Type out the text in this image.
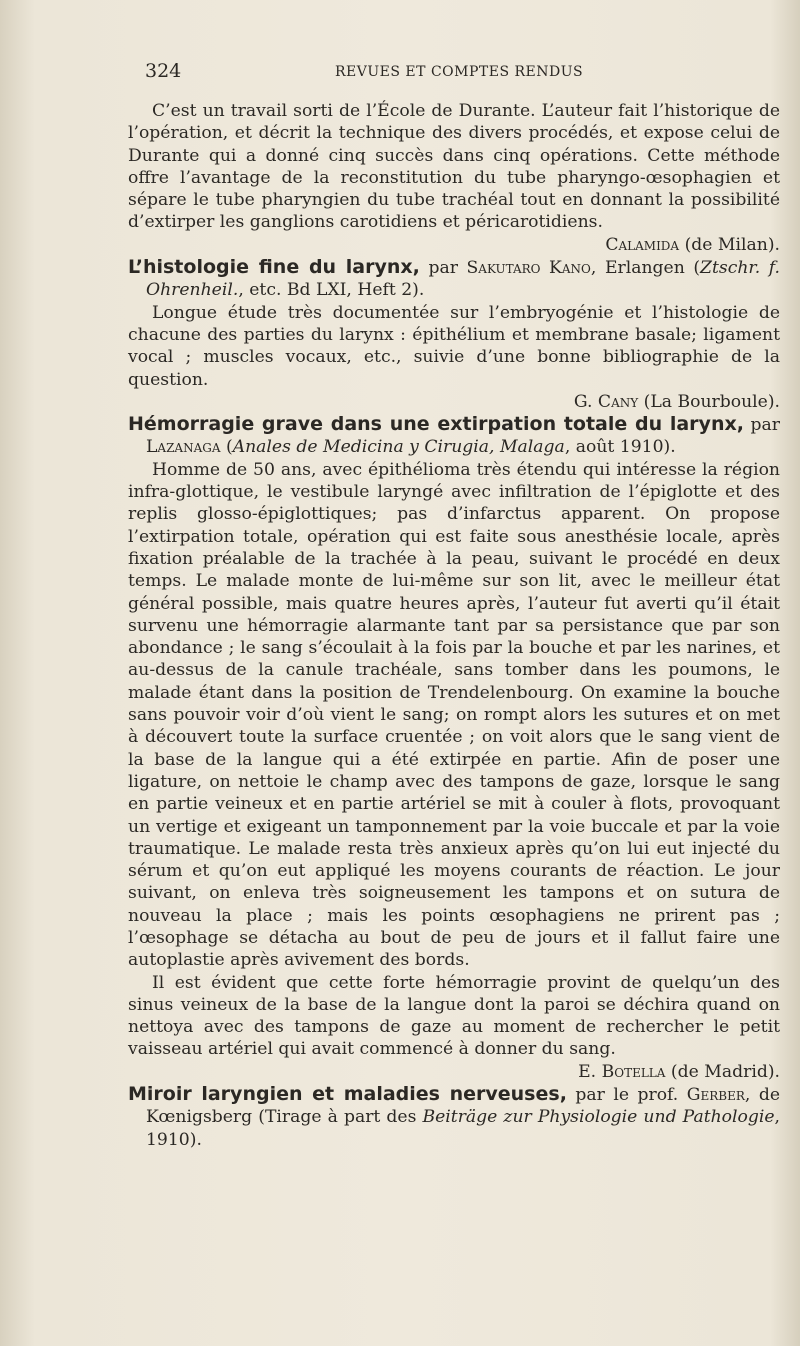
324	REVUES ET COMPTES RENDUS

C’est un travail sorti de l’École de Durante. L’auteur fait l’historique de l’opération, et décrit la technique des divers procédés, et expose celui de Durante qui a donné cinq succès dans cinq opérations. Cette méthode offre l’avantage de la reconstitution du tube pharyngo-œsophagien et sépare le tube pharyngien du tube trachéal tout en donnant la possibilité d’extirper les ganglions carotidiens et péricarotidiens.

Calamida (de Milan).

L’histologie fine du larynx, par Sakutaro Kano, Erlangen (Ztschr. f. Ohrenheil., etc. Bd LXI, Heft 2).

Longue étude très documentée sur l’embryogénie et l’histologie de chacune des parties du larynx : épithélium et membrane basale; ligament vocal ; muscles vocaux, etc., suivie d’une bonne bibliographie de la question.

G. Cany (La Bourboule).

Hémorragie grave dans une extirpation totale du larynx, par Lazanaga (Anales de Medicina y Cirugia, Malaga, août 1910).

Homme de 50 ans, avec épithélioma très étendu qui intéresse la région infra-glottique, le vestibule laryngé avec infiltration de l’épiglotte et des replis glosso-épiglottiques; pas d’infarctus apparent. On propose l’extirpation totale, opération qui est faite sous anesthésie locale, après fixation préalable de la trachée à la peau, suivant le procédé en deux temps. Le malade monte de lui-même sur son lit, avec le meilleur état général possible, mais quatre heures après, l’auteur fut averti qu’il était survenu une hémorragie alarmante tant par sa persistance que par son abondance ; le sang s’écoulait à la fois par la bouche et par les narines, et au-dessus de la canule trachéale, sans tomber dans les poumons, le malade étant dans la position de Trendelenbourg. On examine la bouche sans pouvoir voir d’où vient le sang; on rompt alors les sutures et on met à découvert toute la surface cruentée ; on voit alors que le sang vient de la base de la langue qui a été extirpée en partie. Afin de poser une ligature, on nettoie le champ avec des tampons de gaze, lorsque le sang en partie veineux et en partie artériel se mit à couler à flots, provoquant un vertige et exigeant un tamponnement par la voie buccale et par la voie traumatique. Le malade resta très anxieux après qu’on lui eut injecté du sérum et qu’on eut appliqué les moyens courants de réaction. Le jour suivant, on enleva très soigneusement les tampons et on sutura de nouveau la place ; mais les points œsophagiens ne prirent pas ; l’œsophage se détacha au bout de peu de jours et il fallut faire une autoplastie après avivement des bords.

Il est évident que cette forte hémorragie provint de quelqu’un des sinus veineux de la base de la langue dont la paroi se déchira quand on nettoya avec des tampons de gaze au moment de rechercher le petit vaisseau artériel qui avait commencé à donner du sang.

E. Botella (de Madrid).

Miroir laryngien et maladies nerveuses, par le prof. Gerber, de Kœnigsberg (Tirage à part des Beiträge zur Physiologie und Pathologie, 1910).
